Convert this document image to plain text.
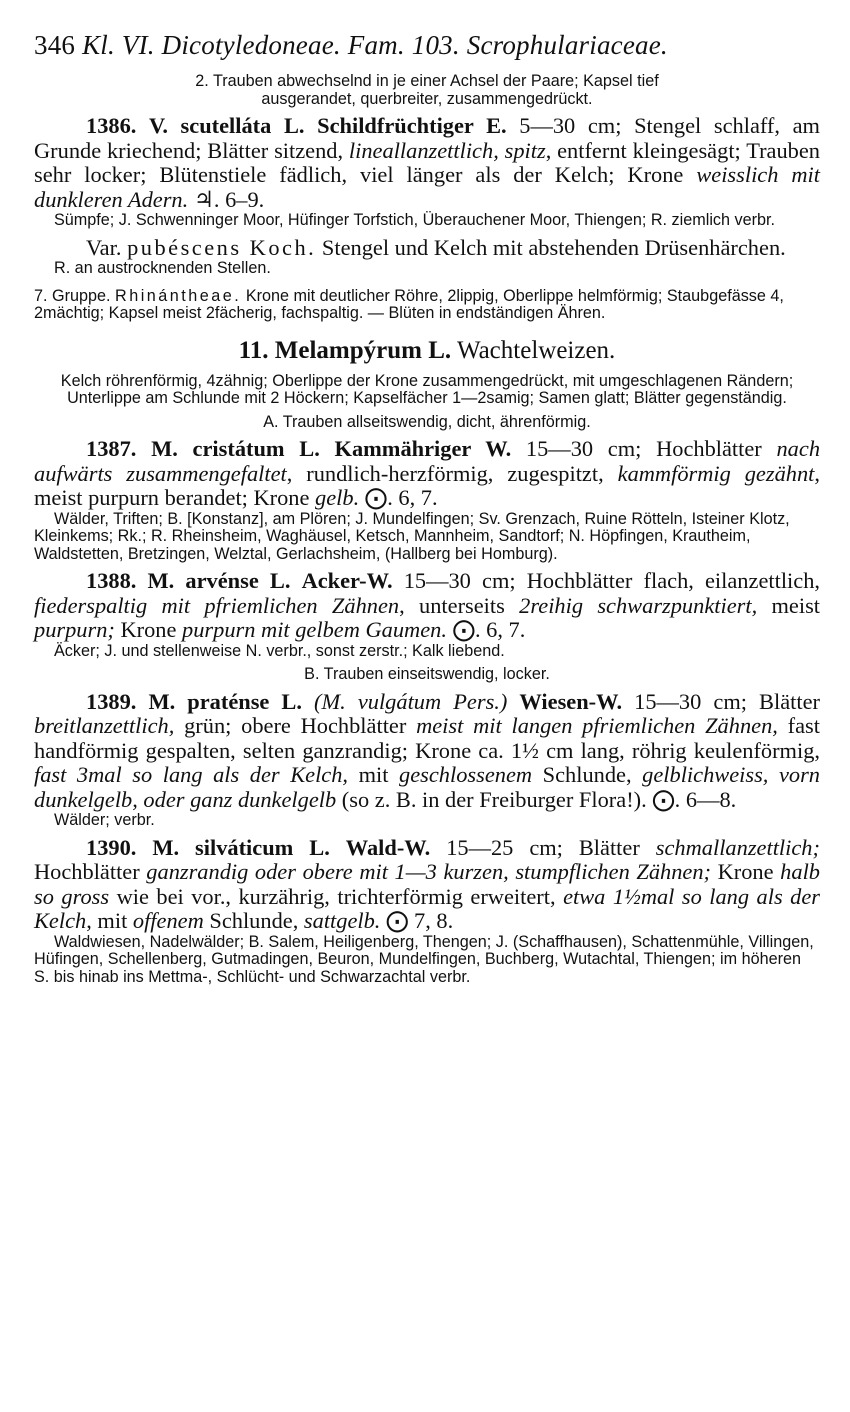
346 Kl. VI. Dicotyledoneae. Fam. 103. Scrophulariaceae.

2. Trauben abwechselnd in je einer Achsel der Paare; Kapsel tief
ausgerandet, querbreiter, zusammengedrückt.

1386. V. scutelláta L. Schildfrüchtiger E. 5—30 cm; Stengel schlaff, am Grunde kriechend; Blätter sitzend, lineallanzettlich, spitz, entfernt kleingesägt; Trauben sehr locker; Blütenstiele fädlich, viel länger als der Kelch; Krone weisslich mit dunkleren Adern. ♃. 6–9.

Sümpfe; J. Schwenninger Moor, Hüfinger Torfstich, Überauchener Moor, Thiengen; R. ziemlich verbr.

Var. pubéscens Koch. Stengel und Kelch mit abstehenden Drüsenhärchen.

R. an austrocknenden Stellen.

7. Gruppe. Rhinántheae. Krone mit deutlicher Röhre, 2lippig, Oberlippe helmförmig; Staubgefässe 4, 2mächtig; Kapsel meist 2fächerig, fachspaltig. — Blüten in endständigen Ähren.

11. Melampýrum L. Wachtelweizen.

Kelch röhrenförmig, 4zähnig; Oberlippe der Krone zusammengedrückt, mit umgeschlagenen Rändern; Unterlippe am Schlunde mit 2 Höckern; Kapselfächer 1—2samig; Samen glatt; Blätter gegenständig.

A. Trauben allseitswendig, dicht, ährenförmig.

1387. M. cristátum L. Kammähriger W. 15—30 cm; Hochblätter nach aufwärts zusammengefaltet, rundlich-herzförmig, zugespitzt, kammförmig gezähnt, meist purpurn berandet; Krone gelb. ⨀. 6, 7.

Wälder, Triften; B. [Konstanz], am Plören; J. Mundelfingen; Sv. Grenzach, Ruine Rötteln, Isteiner Klotz, Kleinkems; Rk.; R. Rheinsheim, Waghäusel, Ketsch, Mannheim, Sandtorf; N. Höpfingen, Krautheim, Waldstetten, Bretzingen, Welztal, Gerlachsheim, (Hallberg bei Homburg).

1388. M. arvénse L. Acker-W. 15—30 cm; Hochblätter flach, eilanzettlich, fiederspaltig mit pfriemlichen Zähnen, unterseits 2reihig schwarzpunktiert, meist purpurn; Krone purpurn mit gelbem Gaumen. ⨀. 6, 7.

Äcker; J. und stellenweise N. verbr., sonst zerstr.; Kalk liebend.

B. Trauben einseitswendig, locker.

1389. M. praténse L. (M. vulgátum Pers.) Wiesen-W. 15—30 cm; Blätter breitlanzettlich, grün; obere Hochblätter meist mit langen pfriemlichen Zähnen, fast handförmig gespalten, selten ganzrandig; Krone ca. 1½ cm lang, röhrig keulenförmig, fast 3mal so lang als der Kelch, mit geschlossenem Schlunde, gelblichweiss, vorn dunkelgelb, oder ganz dunkelgelb (so z. B. in der Freiburger Flora!). ⨀. 6—8.

Wälder; verbr.

1390. M. silváticum L. Wald-W. 15—25 cm; Blätter schmallanzettlich; Hochblätter ganzrandig oder obere mit 1—3 kurzen, stumpflichen Zähnen; Krone halb so gross wie bei vor., kurzährig, trichterförmig erweitert, etwa 1½mal so lang als der Kelch, mit offenem Schlunde, sattgelb. ⨀ 7, 8.

Waldwiesen, Nadelwälder; B. Salem, Heiligenberg, Thengen; J. (Schaffhausen), Schattenmühle, Villingen, Hüfingen, Schellenberg, Gutmadingen, Beuron, Mundelfingen, Buchberg, Wutachtal, Thiengen; im höheren S. bis hinab ins Mettma-, Schlücht- und Schwarzachtal verbr.
